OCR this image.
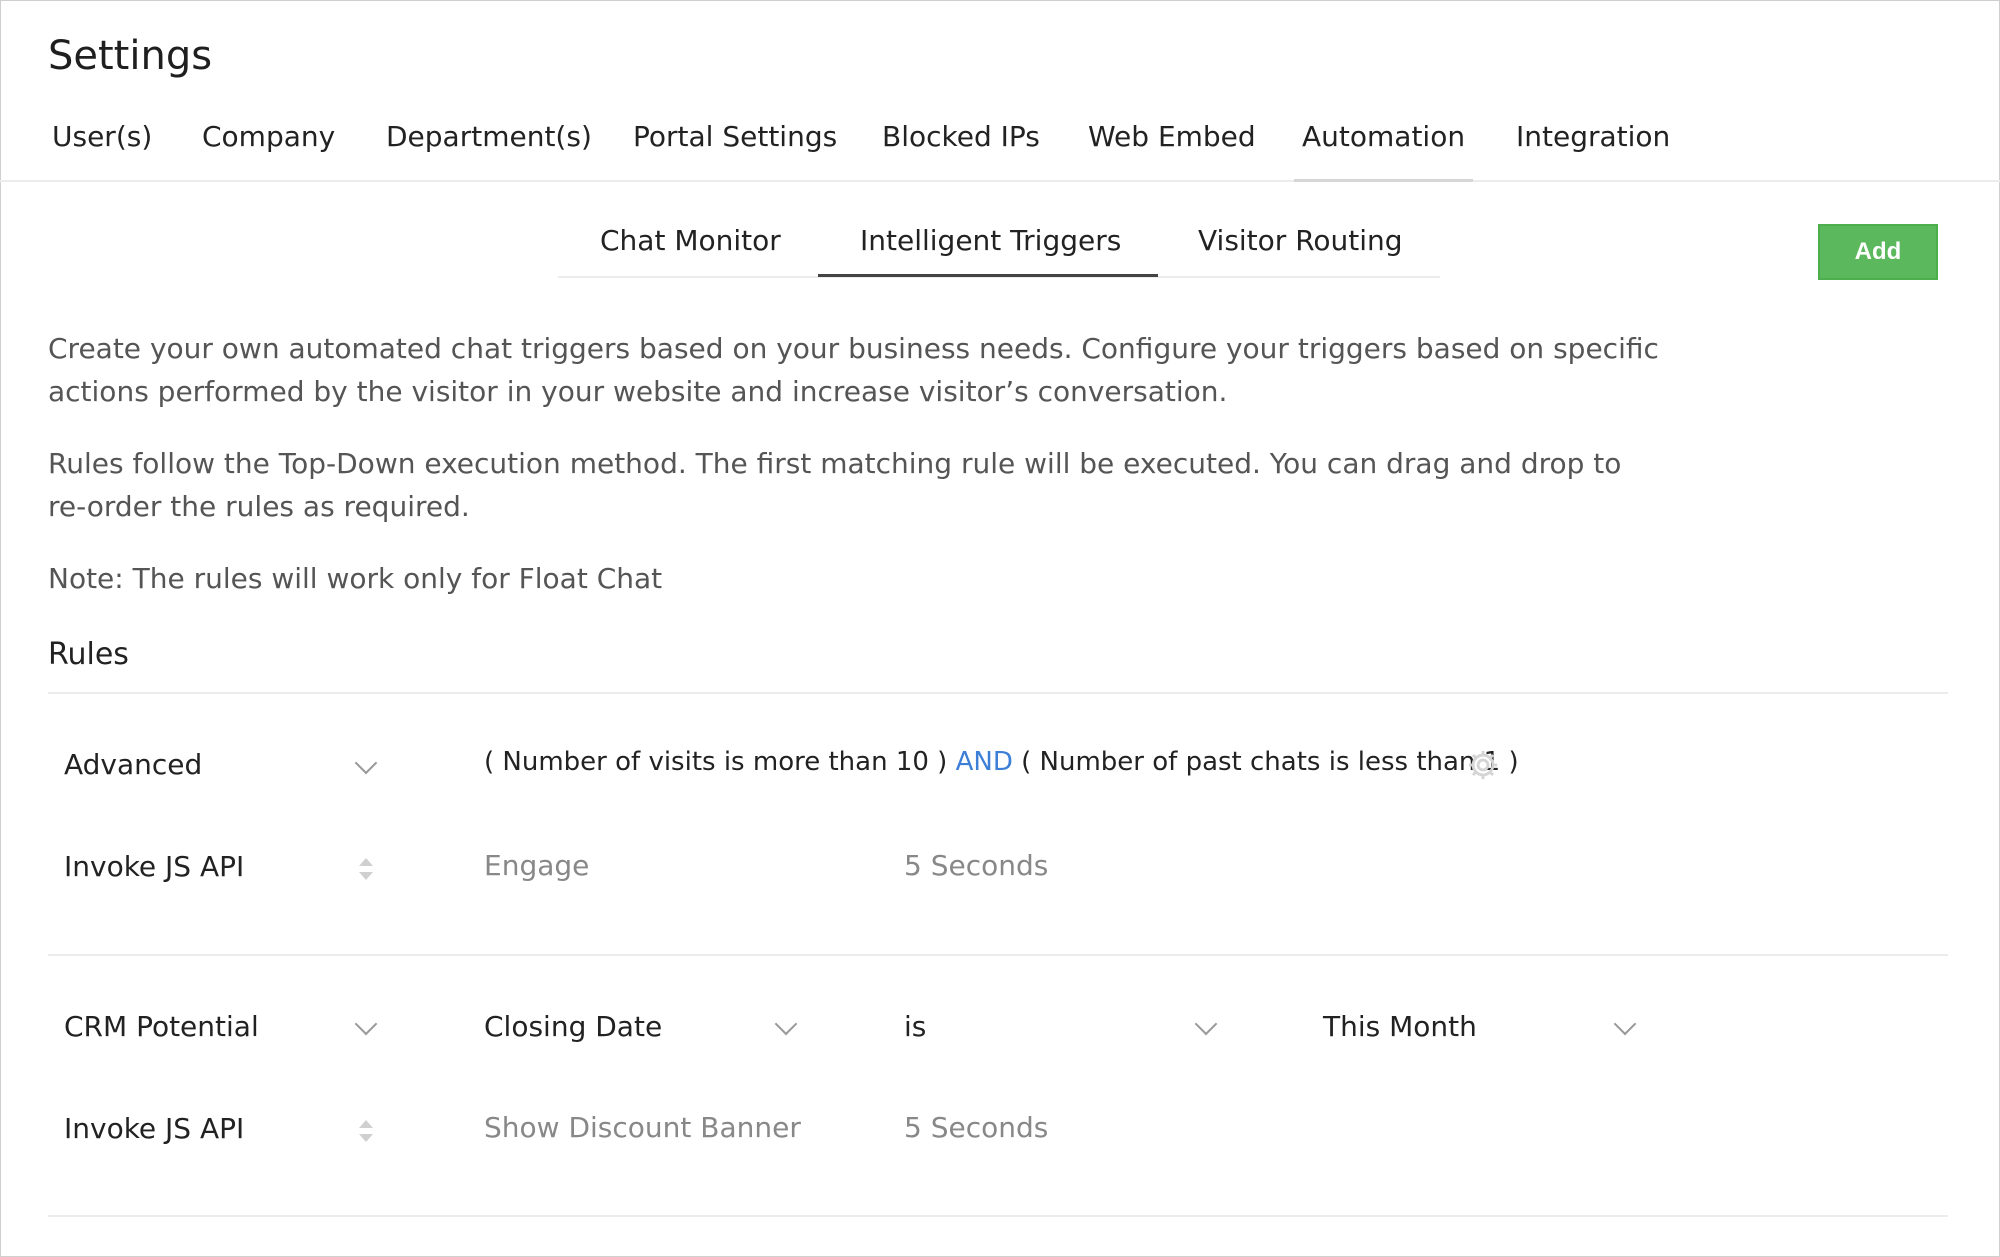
Settings
User(s) Company Department(s) Portal Settings Blocked IPs Web Embed Automation Integration
Chat Monitor	Intelligent Triggers	Visitor Routing	Add
Create your own automated chat triggers based on your business needs. Configure your triggers based on specific
actions performed by the visitor in your website and increase visitor’s conversation.
Rules follow the Top-Down execution method. The first matching rule will be executed. You can drag and drop to
re-order the rules as required.
Note: The rules will work only for Float Chat
Rules
Advanced	( Number of visits is more than 10 ) AND ( Number of past chats is less than 1 )
Invoke JS API	Engage	5 Seconds
CRM Potential	Closing Date	is	This Month
Invoke JS API	Show Discount Banner	5 Seconds
